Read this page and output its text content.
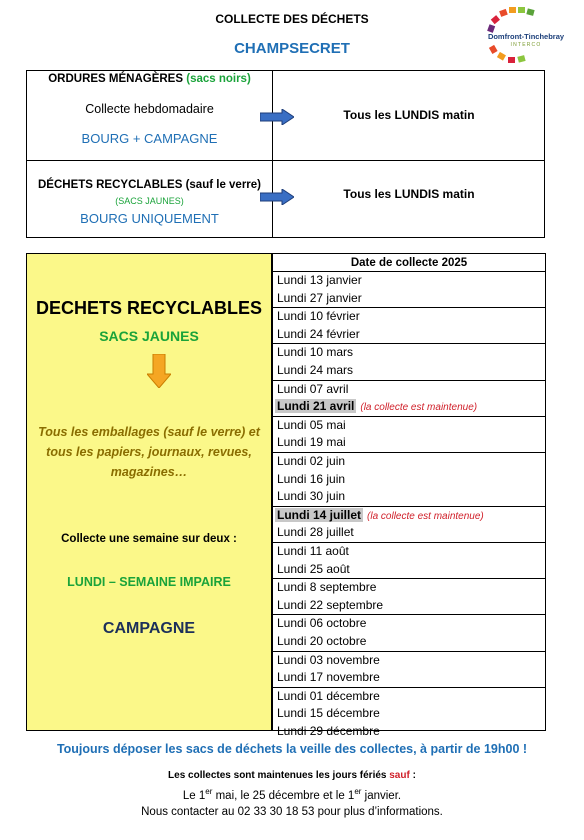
COLLECTE DES DÉCHETS
CHAMPSECRET
Domfront-Tinchebray
INTERCO
ORDURES MÉNAGÈRES (sacs noirs)
Collecte hebdomadaire
BOURG + CAMPAGNE
Tous les LUNDIS matin
DÉCHETS RECYCLABLES (sauf le verre)
(SACS JAUNES)
BOURG UNIQUEMENT
Tous les LUNDIS matin
DECHETS RECYCLABLES
SACS JAUNES
Tous les emballages (sauf le verre) et tous les papiers, journaux, revues, magazines…
Collecte une semaine sur deux :
LUNDI – SEMAINE IMPAIRE
CAMPAGNE
Date de collecte 2025
Lundi 13 janvier
Lundi 27 janvier
Lundi 10 février
Lundi 24 février
Lundi 10 mars
Lundi 24 mars
Lundi 07 avril
Lundi 21 avril (la collecte est maintenue)
Lundi 05 mai
Lundi 19 mai
Lundi 02 juin
Lundi 16 juin
Lundi 30 juin
Lundi 14 juillet (la collecte est maintenue)
Lundi 28 juillet
Lundi 11 août
Lundi 25 août
Lundi 8 septembre
Lundi 22 septembre
Lundi 06 octobre
Lundi 20 octobre
Lundi 03 novembre
Lundi 17 novembre
Lundi 01 décembre
Lundi 15 décembre
Lundi 29 décembre
Toujours déposer les sacs de déchets la veille des collectes, à partir de 19h00 !
Les collectes sont maintenues les jours fériés sauf :
Le 1er mai, le 25 décembre et le 1er janvier.
Nous contacter au 02 33 30 18 53 pour plus d’informations.
